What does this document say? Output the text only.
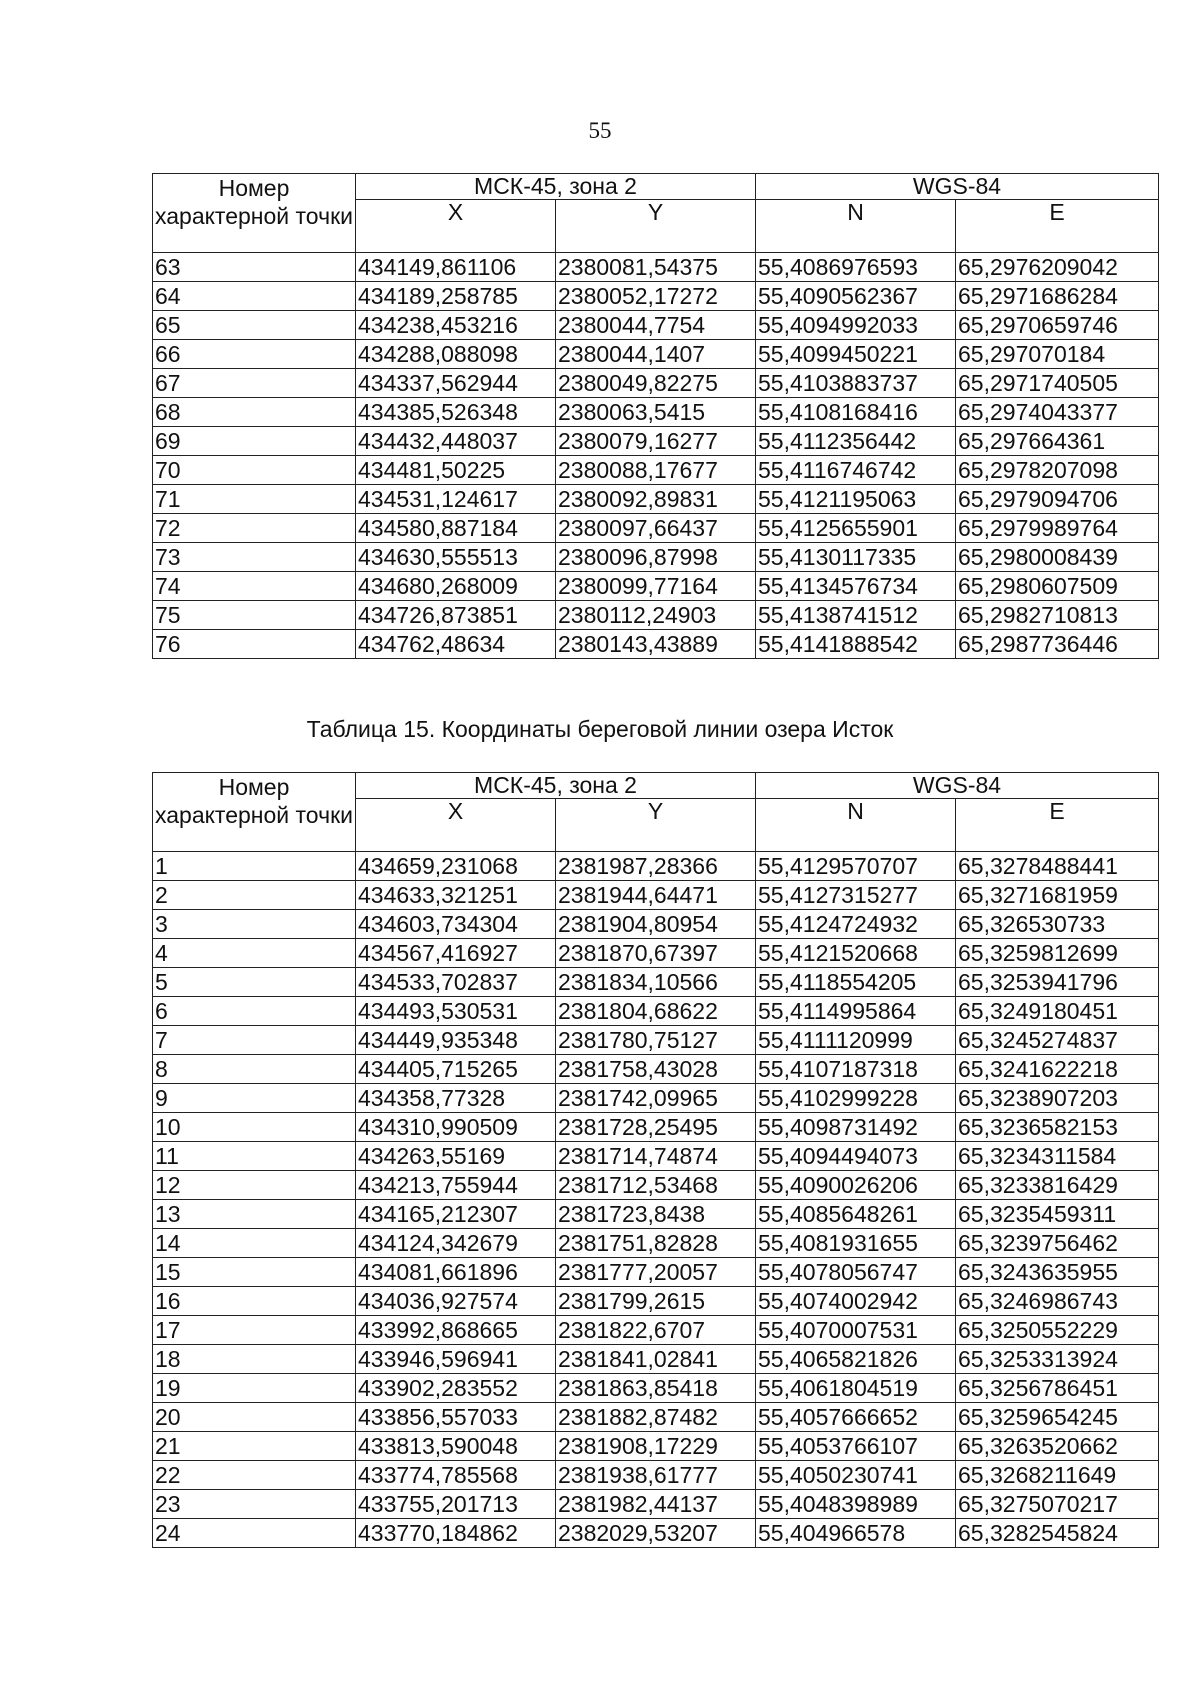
55
Номер характерной точки	МСК-45, зона 2		WGS-84	
	X	Y	N	E
63	434149,861106	2380081,54375	55,4086976593	65,2976209042
64	434189,258785	2380052,17272	55,4090562367	65,2971686284
65	434238,453216	2380044,7754	55,4094992033	65,2970659746
66	434288,088098	2380044,1407	55,4099450221	65,297070184
67	434337,562944	2380049,82275	55,4103883737	65,2971740505
68	434385,526348	2380063,5415	55,4108168416	65,2974043377
69	434432,448037	2380079,16277	55,4112356442	65,297664361
70	434481,50225	2380088,17677	55,4116746742	65,2978207098
71	434531,124617	2380092,89831	55,4121195063	65,2979094706
72	434580,887184	2380097,66437	55,4125655901	65,2979989764
73	434630,555513	2380096,87998	55,4130117335	65,2980008439
74	434680,268009	2380099,77164	55,4134576734	65,2980607509
75	434726,873851	2380112,24903	55,4138741512	65,2982710813
76	434762,48634	2380143,43889	55,4141888542	65,2987736446
Таблица 15. Координаты береговой линии озера Исток
Номер характерной точки	МСК-45, зона 2		WGS-84	
	X	Y	N	E
1	434659,231068	2381987,28366	55,4129570707	65,3278488441
2	434633,321251	2381944,64471	55,4127315277	65,3271681959
3	434603,734304	2381904,80954	55,4124724932	65,326530733
4	434567,416927	2381870,67397	55,4121520668	65,3259812699
5	434533,702837	2381834,10566	55,4118554205	65,3253941796
6	434493,530531	2381804,68622	55,4114995864	65,3249180451
7	434449,935348	2381780,75127	55,4111120999	65,3245274837
8	434405,715265	2381758,43028	55,4107187318	65,3241622218
9	434358,77328	2381742,09965	55,4102999228	65,3238907203
10	434310,990509	2381728,25495	55,4098731492	65,3236582153
11	434263,55169	2381714,74874	55,4094494073	65,3234311584
12	434213,755944	2381712,53468	55,4090026206	65,3233816429
13	434165,212307	2381723,8438	55,4085648261	65,3235459311
14	434124,342679	2381751,82828	55,4081931655	65,3239756462
15	434081,661896	2381777,20057	55,4078056747	65,3243635955
16	434036,927574	2381799,2615	55,4074002942	65,3246986743
17	433992,868665	2381822,6707	55,4070007531	65,3250552229
18	433946,596941	2381841,02841	55,4065821826	65,3253313924
19	433902,283552	2381863,85418	55,4061804519	65,3256786451
20	433856,557033	2381882,87482	55,4057666652	65,3259654245
21	433813,590048	2381908,17229	55,4053766107	65,3263520662
22	433774,785568	2381938,61777	55,4050230741	65,3268211649
23	433755,201713	2381982,44137	55,4048398989	65,3275070217
24	433770,184862	2382029,53207	55,404966578	65,3282545824
